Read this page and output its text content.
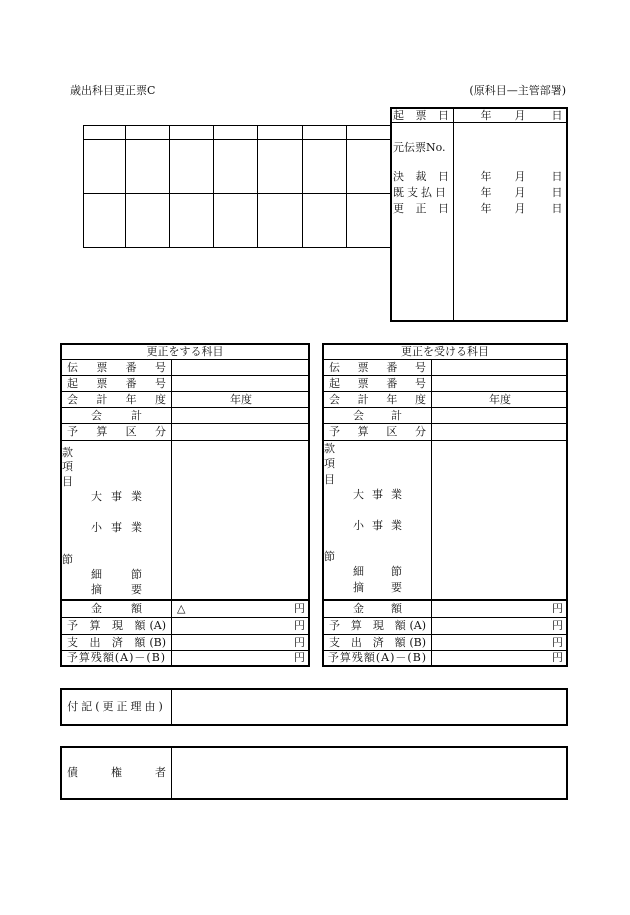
歳出科目更正票C	(原科目—主管部署)
起 票 日	年 月 日
元伝票No.
決 裁 日	年 月 日
既支払日	年 月 日
更 正 日	年 月 日
更正をする科目
伝 票 番 号
起 票 番 号
会 計 年 度	年度
会 計
予 算 区 分
款
項
目
大 事 業
小 事 業
節
細 節
摘 要
金 額	△	円
予 算 現 額(A)	円
支 出 済 額(B)	円
予算残額(A)－(B)	円
更正を受ける科目
伝 票 番 号
起 票 番 号
会 計 年 度	年度
会 計
予 算 区 分
款
項
目
大 事 業
小 事 業
節
細 節
摘 要
金 額	円
予 算 現 額(A)	円
支 出 済 額(B)	円
予算残額(A)－(B)	円
付記(更正理由)
債 権 者
